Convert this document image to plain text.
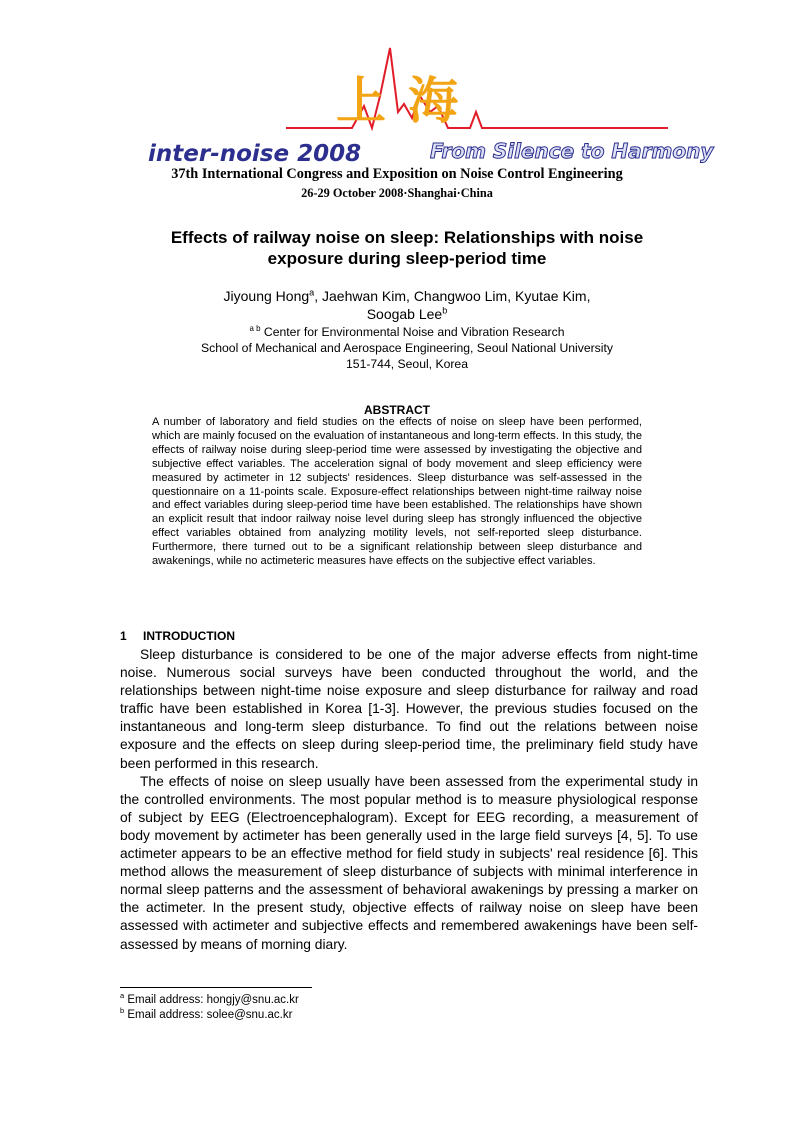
上海
inter-noise 2008	From Silence to Harmony
37th International Congress and Exposition on Noise Control Engineering
26-29 October 2008·Shanghai·China
Effects of railway noise on sleep: Relationships with noise
exposure during sleep-period time
Jiyoung Hong$^a$, Jaehwan Kim, Changwoo Lim, Kyutae Kim,
Soogab Lee$^b$
$^{a b}$ Center for Environmental Noise and Vibration Research
School of Mechanical and Aerospace Engineering, Seoul National University
151-744, Seoul, Korea
ABSTRACT
A number of laboratory and field studies on the effects of noise on sleep have been performed, which are mainly focused on the evaluation of instantaneous and long-term effects. In this study, the effects of railway noise during sleep-period time were assessed by investigating the objective and subjective effect variables. The acceleration signal of body movement and sleep efficiency were measured by actimeter in 12 subjects' residences. Sleep disturbance was self-assessed in the questionnaire on a 11-points scale. Exposure-effect relationships between night-time railway noise and effect variables during sleep-period time have been established. The relationships have shown an explicit result that indoor railway noise level during sleep has strongly influenced the objective effect variables obtained from analyzing motility levels, not self-reported sleep disturbance. Furthermore, there turned out to be a significant relationship between sleep disturbance and awakenings, while no actimeteric measures have effects on the subjective effect variables.
1 INTRODUCTION

Sleep disturbance is considered to be one of the major adverse effects from night-time noise. Numerous social surveys have been conducted throughout the world, and the relationships between night-time noise exposure and sleep disturbance for railway and road traffic have been established in Korea [1-3]. However, the previous studies focused on the instantaneous and long-term sleep disturbance. To find out the relations between noise exposure and the effects on sleep during sleep-period time, the preliminary field study have been performed in this research.

The effects of noise on sleep usually have been assessed from the experimental study in the controlled environments. The most popular method is to measure physiological response of subject by EEG (Electroencephalogram). Except for EEG recording, a measurement of body movement by actimeter has been generally used in the large field surveys [4, 5]. To use actimeter appears to be an effective method for field study in subjects' real residence [6]. This method allows the measurement of sleep disturbance of subjects with minimal interference in normal sleep patterns and the assessment of behavioral awakenings by pressing a marker on the actimeter. In the present study, objective effects of railway noise on sleep have been assessed with actimeter and subjective effects and remembered awakenings have been self-assessed by means of morning diary.

$^a$ Email address: hongjy@snu.ac.kr
$^b$ Email address: solee@snu.ac.kr
